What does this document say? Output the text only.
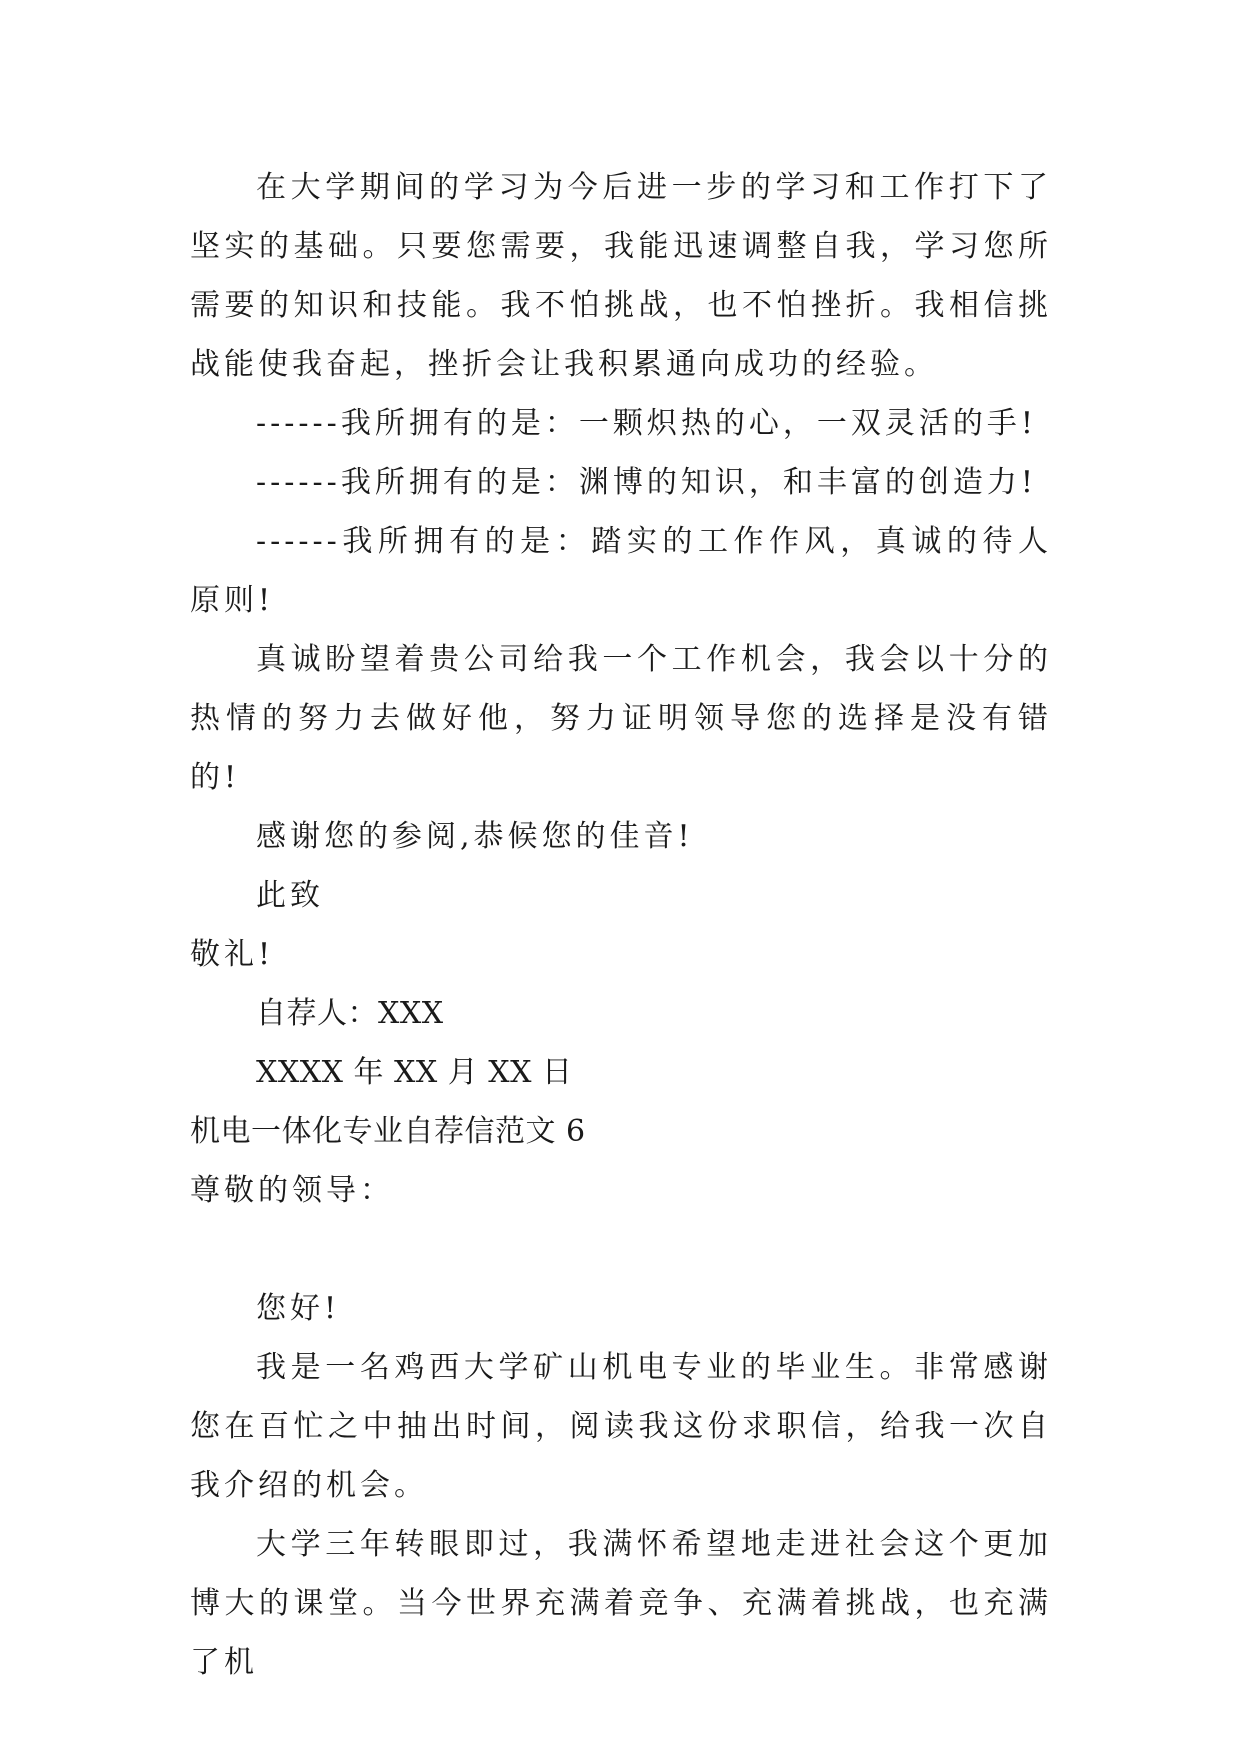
在大学期间的学习为今后进一步的学习和工作打下了坚实的基础。只要您需要，我能迅速调整自我，学习您所需要的知识和技能。我不怕挑战，也不怕挫折。我相信挑战能使我奋起，挫折会让我积累通向成功的经验。

------我所拥有的是：一颗炽热的心，一双灵活的手!

------我所拥有的是：渊博的知识，和丰富的创造力!

------我所拥有的是：踏实的工作作风，真诚的待人原则!

真诚盼望着贵公司给我一个工作机会，我会以十分的热情的努力去做好他，努力证明领导您的选择是没有错的!

感谢您的参阅,恭候您的佳音!

此致

敬礼!

自荐人：XXX

XXXX 年 XX 月 XX 日

机电一体化专业自荐信范文 6

尊敬的领导：

您好!

我是一名鸡西大学矿山机电专业的毕业生。非常感谢您在百忙之中抽出时间，阅读我这份求职信，给我一次自我介绍的机会。

大学三年转眼即过，我满怀希望地走进社会这个更加博大的课堂。当今世界充满着竞争、充满着挑战，也充满了机
